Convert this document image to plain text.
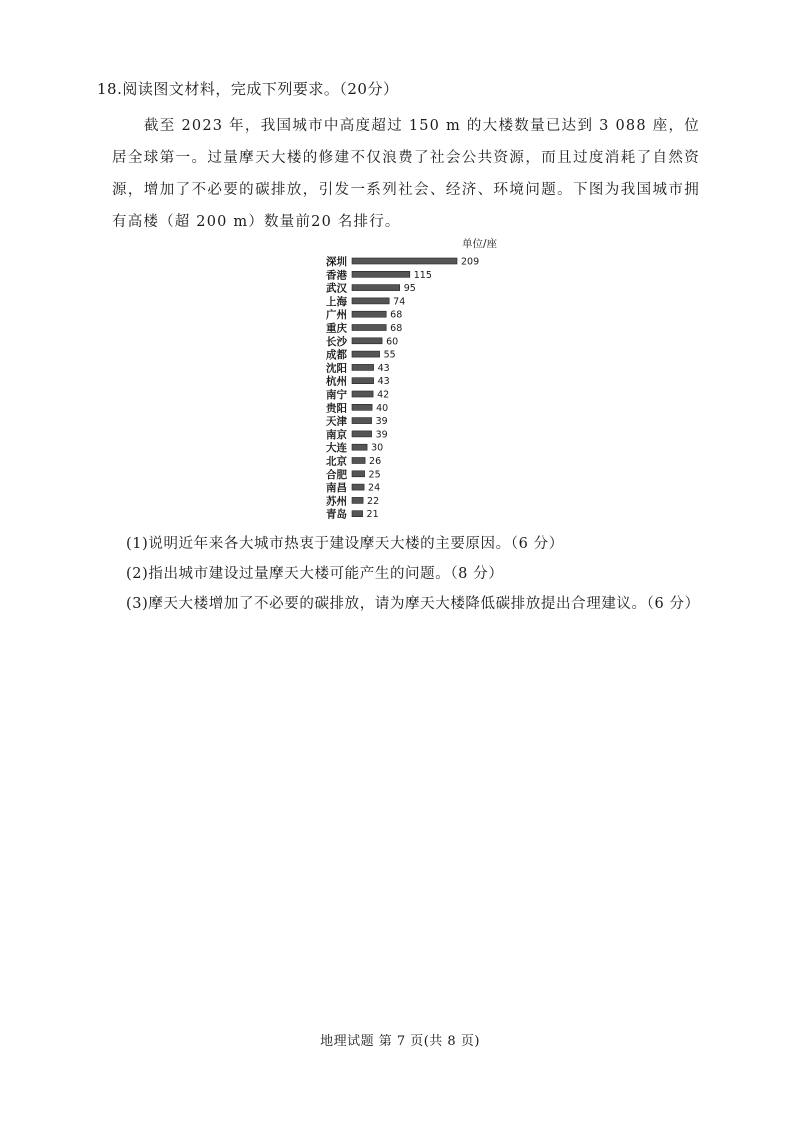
18.阅读图文材料，完成下列要求。（20分）
截至 2023 年，我国城市中高度超过 150 m 的大楼数量已达到 3 088 座，位居全球第一。过量摩天大楼的修建不仅浪费了社会公共资源，而且过度消耗了自然资源，增加了不必要的碳排放，引发一系列社会、经济、环境问题。下图为我国城市拥有高楼（超 200 m）数量前20 名排行。
单位/座
深圳	209
香港	115
武汉	95
上海	74
广州	68
重庆	68
长沙	60
成都	55
沈阳	43
杭州	43
南宁	42
贵阳	40
天津	39
南京	39
大连	30
北京 26
合肥 25
南昌 24
苏州 22
青岛 21
(1)说明近年来各大城市热衷于建设摩天大楼的主要原因。（6 分）
(2)指出城市建设过量摩天大楼可能产生的问题。（8 分）
(3)摩天大楼增加了不必要的碳排放，请为摩天大楼降低碳排放提出合理建议。（6 分）
地理试题 第 7 页(共 8 页)
